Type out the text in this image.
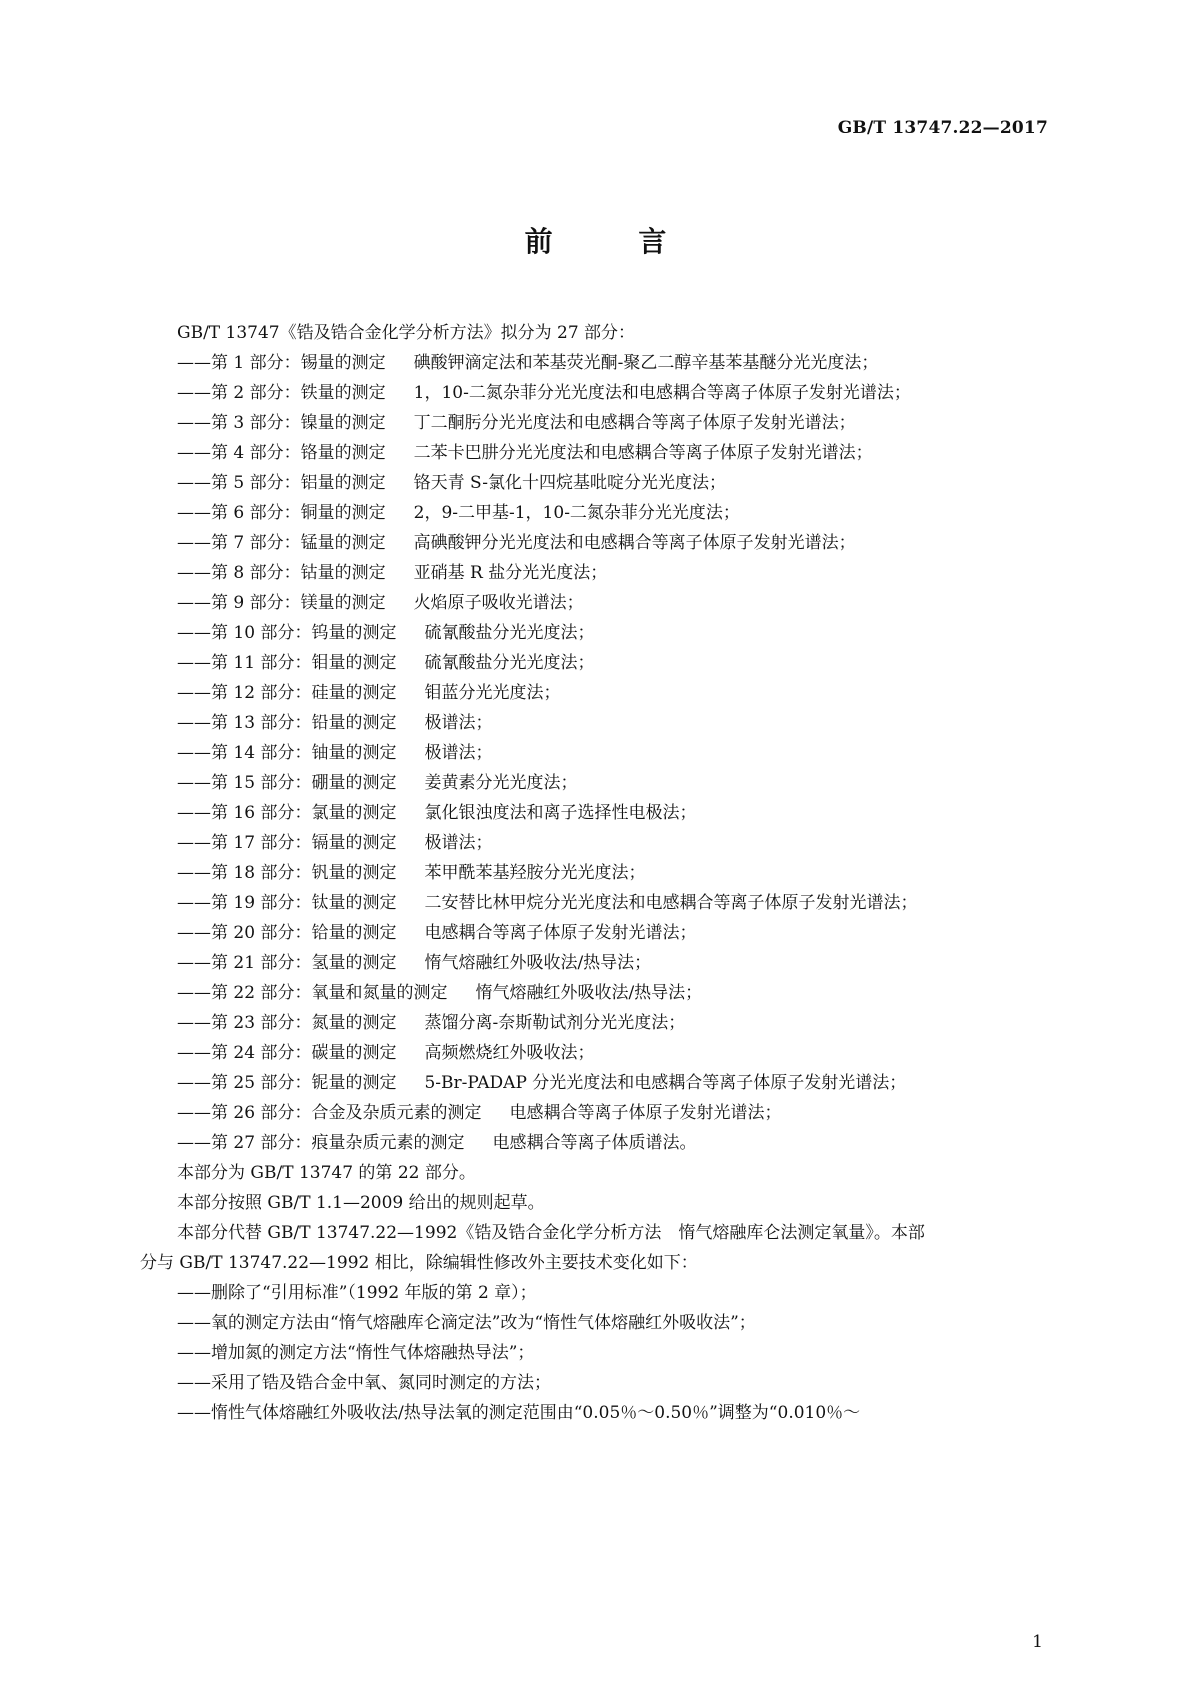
GB/T 13747.22—2017
前 言
GB/T 13747《锆及锆合金化学分析方法》拟分为 27 部分：
——第 1 部分：锡量的测定 碘酸钾滴定法和苯基荧光酮-聚乙二醇辛基苯基醚分光光度法；
——第 2 部分：铁量的测定 1，10-二氮杂菲分光光度法和电感耦合等离子体原子发射光谱法；
——第 3 部分：镍量的测定 丁二酮肟分光光度法和电感耦合等离子体原子发射光谱法；
——第 4 部分：铬量的测定 二苯卡巴肼分光光度法和电感耦合等离子体原子发射光谱法；
——第 5 部分：铝量的测定 铬天青 S-氯化十四烷基吡啶分光光度法；
——第 6 部分：铜量的测定 2，9-二甲基-1，10-二氮杂菲分光光度法；
——第 7 部分：锰量的测定 高碘酸钾分光光度法和电感耦合等离子体原子发射光谱法；
——第 8 部分：钴量的测定 亚硝基 R 盐分光光度法；
——第 9 部分：镁量的测定 火焰原子吸收光谱法；
——第 10 部分：钨量的测定 硫氰酸盐分光光度法；
——第 11 部分：钼量的测定 硫氰酸盐分光光度法；
——第 12 部分：硅量的测定 钼蓝分光光度法；
——第 13 部分：铅量的测定 极谱法；
——第 14 部分：铀量的测定 极谱法；
——第 15 部分：硼量的测定 姜黄素分光光度法；
——第 16 部分：氯量的测定 氯化银浊度法和离子选择性电极法；
——第 17 部分：镉量的测定 极谱法；
——第 18 部分：钒量的测定 苯甲酰苯基羟胺分光光度法；
——第 19 部分：钛量的测定 二安替比林甲烷分光光度法和电感耦合等离子体原子发射光谱法；
——第 20 部分：铪量的测定 电感耦合等离子体原子发射光谱法；
——第 21 部分：氢量的测定 惰气熔融红外吸收法/热导法；
——第 22 部分：氧量和氮量的测定 惰气熔融红外吸收法/热导法；
——第 23 部分：氮量的测定 蒸馏分离-奈斯勒试剂分光光度法；
——第 24 部分：碳量的测定 高频燃烧红外吸收法；
——第 25 部分：铌量的测定 5-Br-PADAP 分光光度法和电感耦合等离子体原子发射光谱法；
——第 26 部分：合金及杂质元素的测定 电感耦合等离子体原子发射光谱法；
——第 27 部分：痕量杂质元素的测定 电感耦合等离子体质谱法。
本部分为 GB/T 13747 的第 22 部分。
本部分按照 GB/T 1.1—2009 给出的规则起草。
本部分代替 GB/T 13747.22—1992《锆及锆合金化学分析方法　惰气熔融库仑法测定氧量》。本部
分与 GB/T 13747.22—1992 相比，除编辑性修改外主要技术变化如下：
——删除了“引用标准”（1992 年版的第 2 章）；
——氧的测定方法由“惰气熔融库仑滴定法”改为“惰性气体熔融红外吸收法”；
——增加氮的测定方法“惰性气体熔融热导法”；
——采用了锆及锆合金中氧、氮同时测定的方法；
——惰性气体熔融红外吸收法/热导法氧的测定范围由“0.05％～0.50％”调整为“0.010％～
1
